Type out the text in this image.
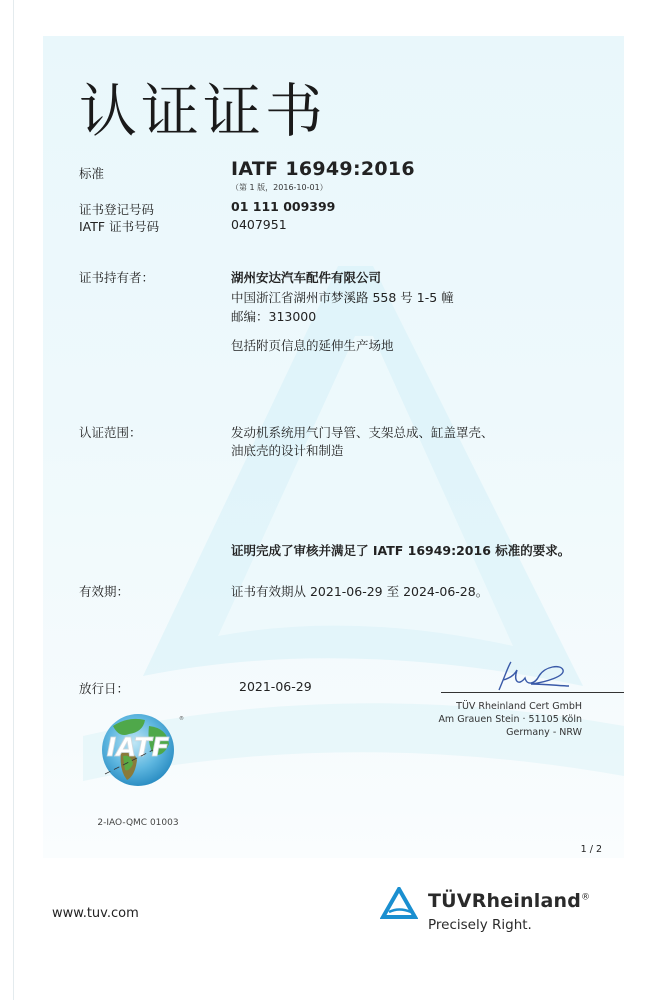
认证证书
标准	IATF 16949:2016
（第 1 版，2016-10-01）
证书登记号码	01 111 009399
IATF 证书号码	0407951
证书持有者：	湖州安达汽车配件有限公司
中国浙江省湖州市梦溪路 558 号 1-5 幢
邮编：313000
包括附页信息的延伸生产场地
认证范围：	发动机系统用气门导管、支架总成、缸盖罩壳、
油底壳的设计和制造
证明完成了审核并满足了 IATF 16949:2016 标准的要求。
有效期：	证书有效期从 2021-06-29 至 2024-06-28。
放行日：	2021-06-29
TÜV Rheinland Cert GmbH
Am Grauen Stein · 51105 Köln
Germany - NRW
IATF
®
2-IAO-QMC 01003
1 / 2
www.tuv.com
TÜVRheinland®
Precisely Right.
